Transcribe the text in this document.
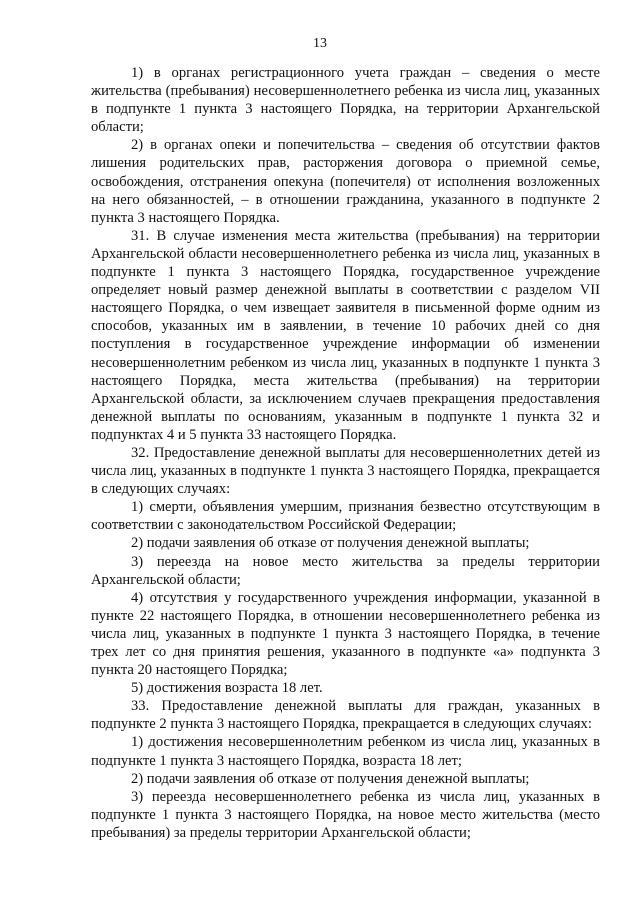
13

1) в органах регистрационного учета граждан – сведения о месте жительства (пребывания) несовершеннолетнего ребенка из числа лиц, указанных в подпункте 1 пункта 3 настоящего Порядка, на территории Архангельской области;

2) в органах опеки и попечительства – сведения об отсутствии фактов лишения родительских прав, расторжения договора о приемной семье, освобождения, отстранения опекуна (попечителя) от исполнения возложенных на него обязанностей, – в отношении гражданина, указанного в подпункте 2 пункта 3 настоящего Порядка.

31. В случае изменения места жительства (пребывания) на территории Архангельской области несовершеннолетнего ребенка из числа лиц, указанных в подпункте 1 пункта 3 настоящего Порядка, государственное учреждение определяет новый размер денежной выплаты в соответствии с разделом VII настоящего Порядка, о чем извещает заявителя в письменной форме одним из способов, указанных им в заявлении, в течение 10 рабочих дней со дня поступления в государственное учреждение информации об изменении несовершеннолетним ребенком из числа лиц, указанных в подпункте 1 пункта 3 настоящего Порядка, места жительства (пребывания) на территории Архангельской области, за исключением случаев прекращения предоставления денежной выплаты по основаниям, указанным в подпункте 1 пункта 32 и подпунктах 4 и 5 пункта 33 настоящего Порядка.

32. Предоставление денежной выплаты для несовершеннолетних детей из числа лиц, указанных в подпункте 1 пункта 3 настоящего Порядка, прекращается в следующих случаях:

1) смерти, объявления умершим, признания безвестно отсутствующим в соответствии с законодательством Российской Федерации;

2) подачи заявления об отказе от получения денежной выплаты;

3) переезда на новое место жительства за пределы территории Архангельской области;

4) отсутствия у государственного учреждения информации, указанной в пункте 22 настоящего Порядка, в отношении несовершеннолетнего ребенка из числа лиц, указанных в подпункте 1 пункта 3 настоящего Порядка, в течение трех лет со дня принятия решения, указанного в подпункте «а» подпункта 3 пункта 20 настоящего Порядка;

5) достижения возраста 18 лет.

33. Предоставление денежной выплаты для граждан, указанных в подпункте 2 пункта 3 настоящего Порядка, прекращается в следующих случаях:

1) достижения несовершеннолетним ребенком из числа лиц, указанных в подпункте 1 пункта 3 настоящего Порядка, возраста 18 лет;

2) подачи заявления об отказе от получения денежной выплаты;

3) переезда несовершеннолетнего ребенка из числа лиц, указанных в подпункте 1 пункта 3 настоящего Порядка, на новое место жительства (место пребывания) за пределы территории Архангельской области;
